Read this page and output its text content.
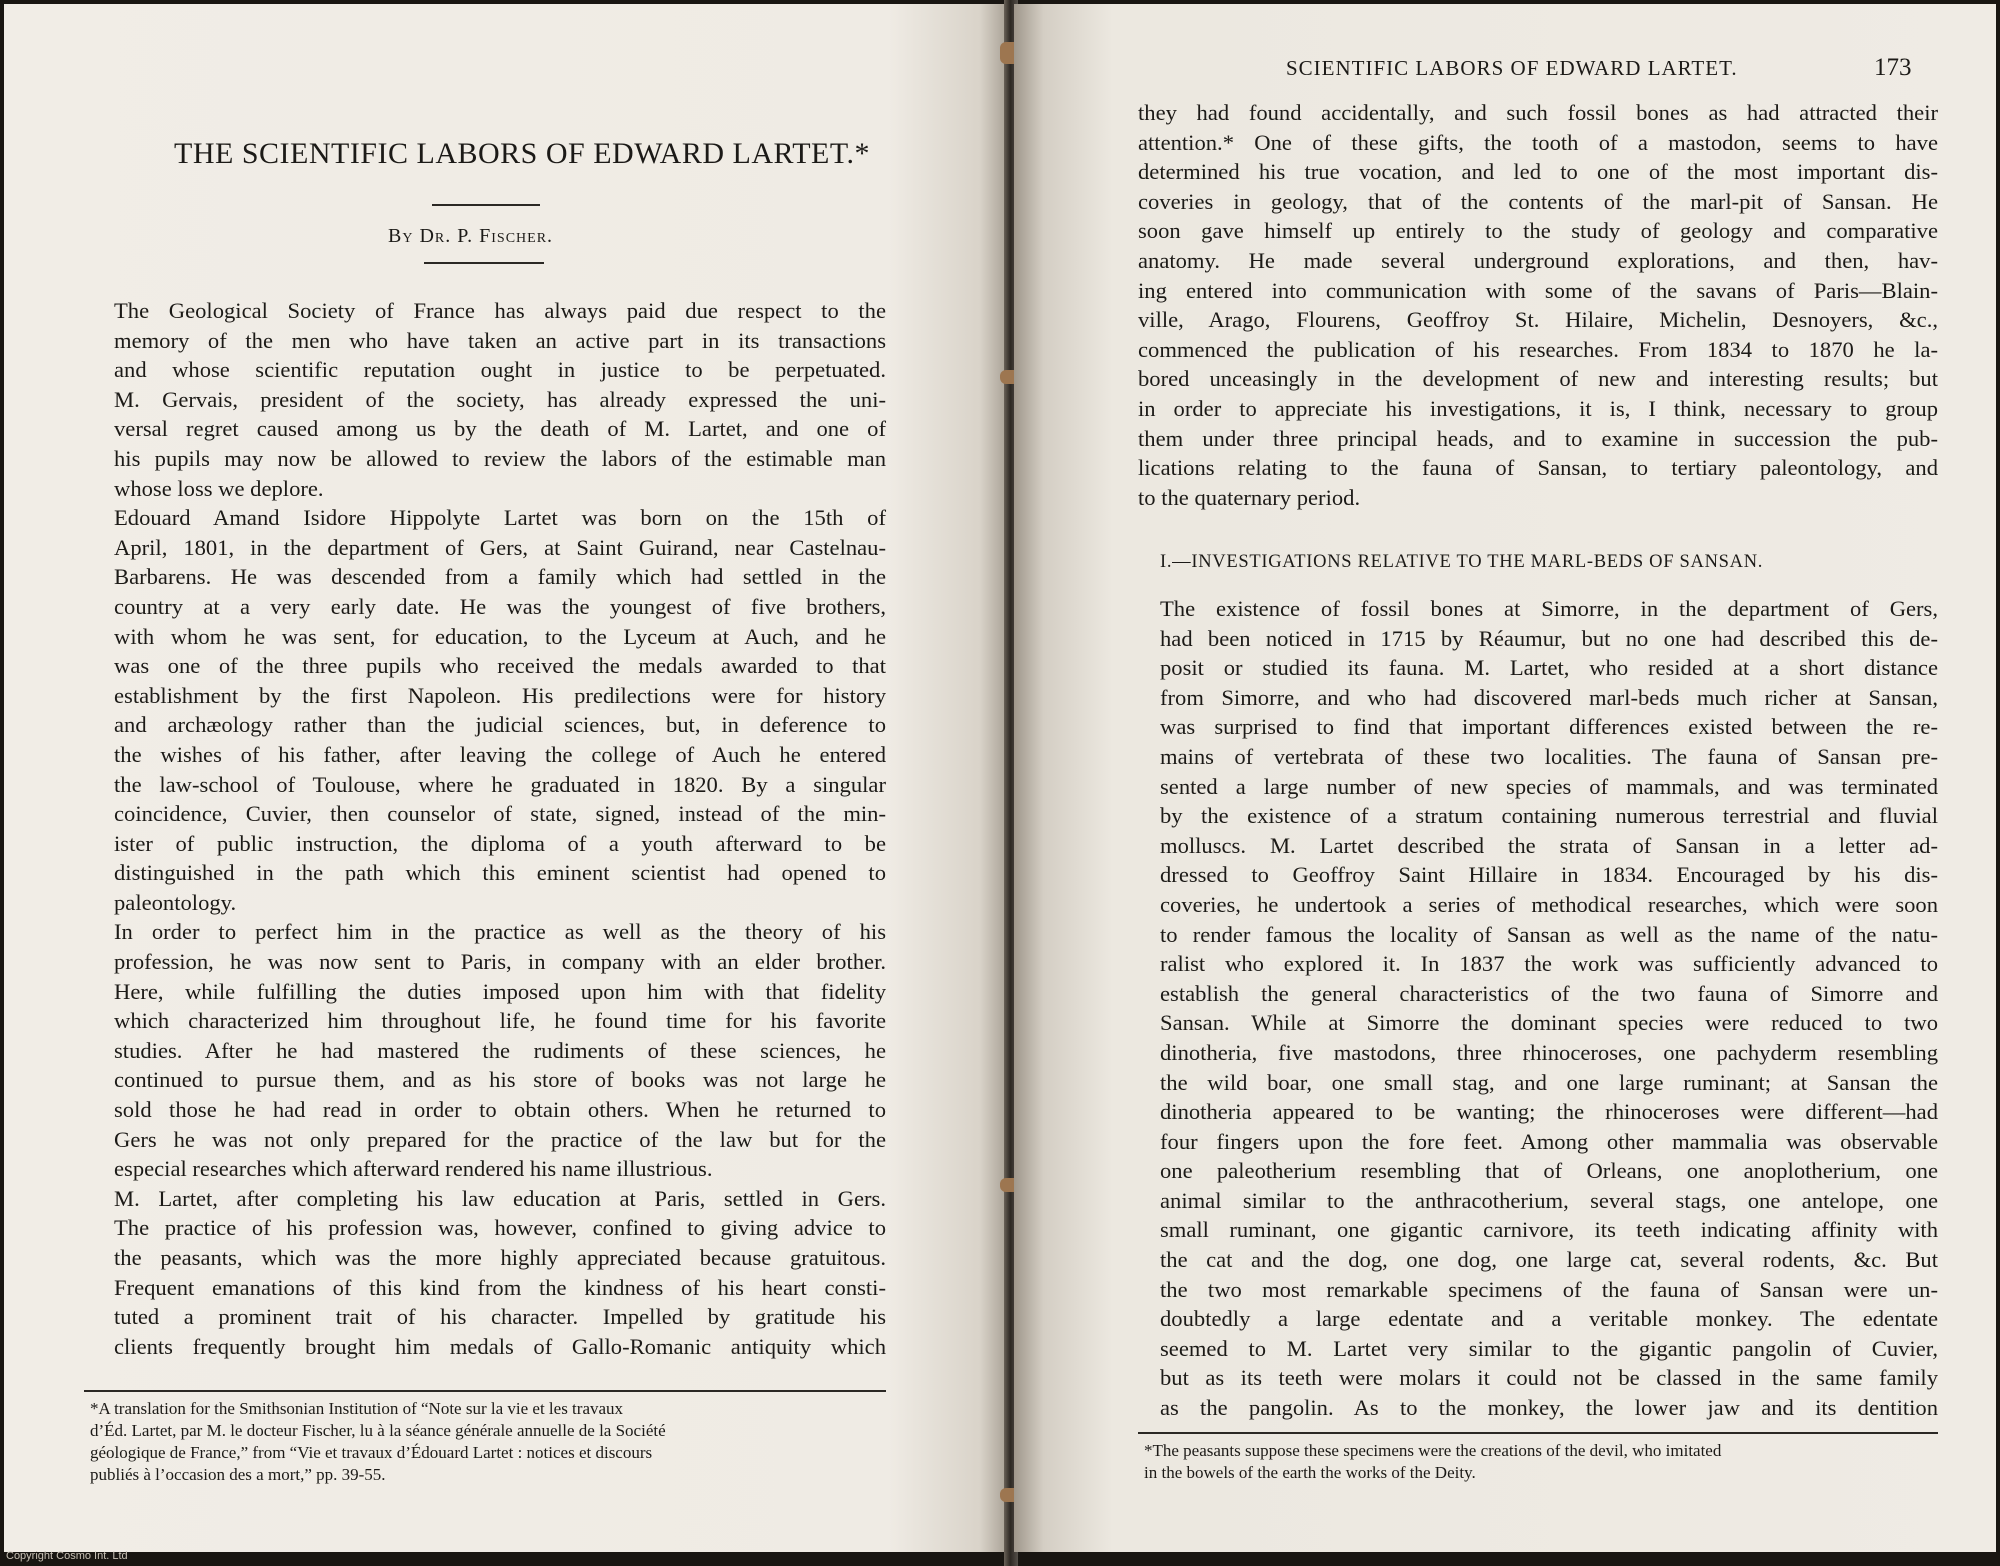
THE SCIENTIFIC LABORS OF EDWARD LARTET.*
By Dr. P. Fischer.

The Geological Society of France has always paid due respect to the
memory of the men who have taken an active part in its transactions
and whose scientific reputation ought in justice to be perpetuated.
M. Gervais, president of the society, has already expressed the uni-
versal regret caused among us by the death of M. Lartet, and one of
his pupils may now be allowed to review the labors of the estimable man
whose loss we deplore.

Edouard Amand Isidore Hippolyte Lartet was born on the 15th of
April, 1801, in the department of Gers, at Saint Guirand, near Castelnau-
Barbarens. He was descended from a family which had settled in the
country at a very early date. He was the youngest of five brothers,
with whom he was sent, for education, to the Lyceum at Auch, and he
was one of the three pupils who received the medals awarded to that
establishment by the first Napoleon. His predilections were for history
and archæology rather than the judicial sciences, but, in deference to
the wishes of his father, after leaving the college of Auch he entered
the law-school of Toulouse, where he graduated in 1820. By a singular
coincidence, Cuvier, then counselor of state, signed, instead of the min-
ister of public instruction, the diploma of a youth afterward to be
distinguished in the path which this eminent scientist had opened to
paleontology.

In order to perfect him in the practice as well as the theory of his
profession, he was now sent to Paris, in company with an elder brother.
Here, while fulfilling the duties imposed upon him with that fidelity
which characterized him throughout life, he found time for his favorite
studies. After he had mastered the rudiments of these sciences, he
continued to pursue them, and as his store of books was not large he
sold those he had read in order to obtain others. When he returned to
Gers he was not only prepared for the practice of the law but for the
especial researches which afterward rendered his name illustrious.

M. Lartet, after completing his law education at Paris, settled in Gers.
The practice of his profession was, however, confined to giving advice to
the peasants, which was the more highly appreciated because gratuitous.
Frequent emanations of this kind from the kindness of his heart consti-
tuted a prominent trait of his character. Impelled by gratitude his
clients frequently brought him medals of Gallo-Romanic antiquity which

*A translation for the Smithsonian Institution of “Note sur la vie et les travaux
d’Éd. Lartet, par M. le docteur Fischer, lu à la séance générale annuelle de la Société
géologique de France,” from “Vie et travaux d’Édouard Lartet : notices et discours
publiés à l’occasion des a mort,” pp. 39-55.
SCIENTIFIC LABORS OF EDWARD LARTET.	173

they had found accidentally, and such fossil bones as had attracted their
attention.* One of these gifts, the tooth of a mastodon, seems to have
determined his true vocation, and led to one of the most important dis-
coveries in geology, that of the contents of the marl-pit of Sansan. He
soon gave himself up entirely to the study of geology and comparative
anatomy. He made several underground explorations, and then, hav-
ing entered into communication with some of the savans of Paris—Blain-
ville, Arago, Flourens, Geoffroy St. Hilaire, Michelin, Desnoyers, &c.,
commenced the publication of his researches. From 1834 to 1870 he la-
bored unceasingly in the development of new and interesting results; but
in order to appreciate his investigations, it is, I think, necessary to group
them under three principal heads, and to examine in succession the pub-
lications relating to the fauna of Sansan, to tertiary paleontology, and
to the quaternary period.

I.—INVESTIGATIONS RELATIVE TO THE MARL-BEDS OF SANSAN.

The existence of fossil bones at Simorre, in the department of Gers,
had been noticed in 1715 by Réaumur, but no one had described this de-
posit or studied its fauna. M. Lartet, who resided at a short distance
from Simorre, and who had discovered marl-beds much richer at Sansan,
was surprised to find that important differences existed between the re-
mains of vertebrata of these two localities. The fauna of Sansan pre-
sented a large number of new species of mammals, and was terminated
by the existence of a stratum containing numerous terrestrial and fluvial
molluscs. M. Lartet described the strata of Sansan in a letter ad-
dressed to Geoffroy Saint Hillaire in 1834. Encouraged by his dis-
coveries, he undertook a series of methodical researches, which were soon
to render famous the locality of Sansan as well as the name of the natu-
ralist who explored it. In 1837 the work was sufficiently advanced to
establish the general characteristics of the two fauna of Simorre and
Sansan. While at Simorre the dominant species were reduced to two
dinotheria, five mastodons, three rhinoceroses, one pachyderm resembling
the wild boar, one small stag, and one large ruminant; at Sansan the
dinotheria appeared to be wanting; the rhinoceroses were different—had
four fingers upon the fore feet. Among other mammalia was observable
one paleotherium resembling that of Orleans, one anoplotherium, one
animal similar to the anthracotherium, several stags, one antelope, one
small ruminant, one gigantic carnivore, its teeth indicating affinity with
the cat and the dog, one dog, one large cat, several rodents, &c. But
the two most remarkable specimens of the fauna of Sansan were un-
doubtedly a large edentate and a veritable monkey. The edentate
seemed to M. Lartet very similar to the gigantic pangolin of Cuvier,
but as its teeth were molars it could not be classed in the same family
as the pangolin. As to the monkey, the lower jaw and its dentition

*The peasants suppose these specimens were the creations of the devil, who imitated
in the bowels of the earth the works of the Deity.
Copyright Cosmo Int. Ltd
